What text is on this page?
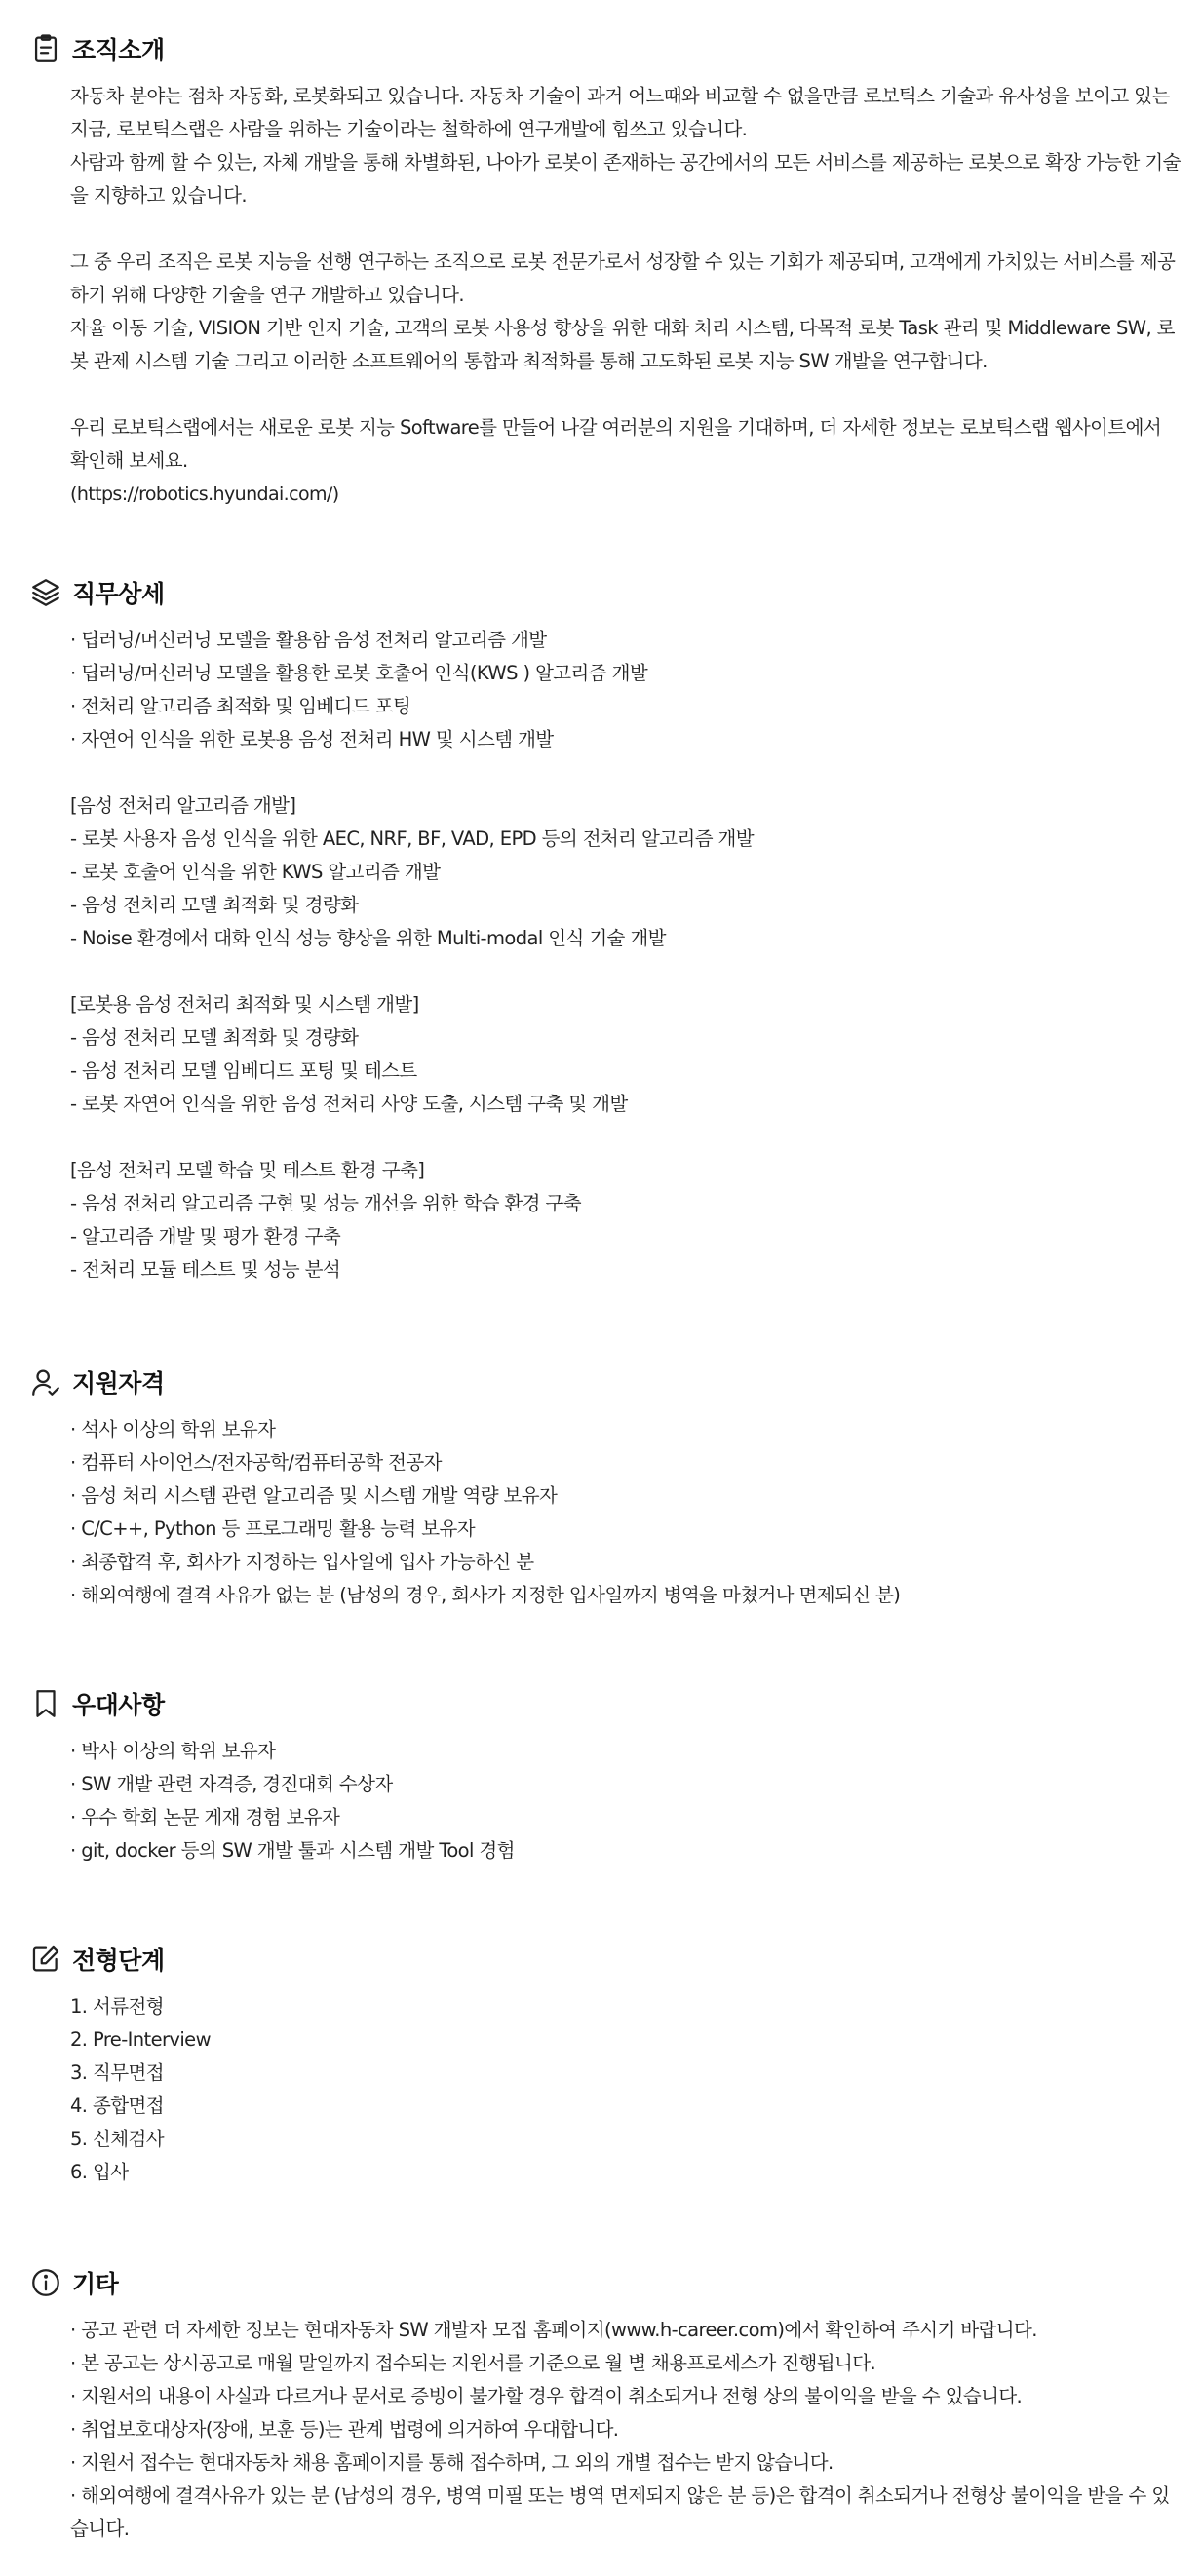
조직소개
자동차 분야는 점차 자동화, 로봇화되고 있습니다. 자동차 기술이 과거 어느때와 비교할 수 없을만큼 로보틱스 기술과 유사성을 보이고 있는 지금, 로보틱스랩은 사람을 위하는 기술이라는 철학하에 연구개발에 힘쓰고 있습니다.
사람과 함께 할 수 있는, 자체 개발을 통해 차별화된, 나아가 로봇이 존재하는 공간에서의 모든 서비스를 제공하는 로봇으로 확장 가능한 기술을 지향하고 있습니다.
그 중 우리 조직은 로봇 지능을 선행 연구하는 조직으로 로봇 전문가로서 성장할 수 있는 기회가 제공되며, 고객에게 가치있는 서비스를 제공하기 위해 다양한 기술을 연구 개발하고 있습니다.
자율 이동 기술, VISION 기반 인지 기술, 고객의 로봇 사용성 향상을 위한 대화 처리 시스템, 다목적 로봇 Task 관리 및 Middleware SW, 로봇 관제 시스템 기술 그리고 이러한 소프트웨어의 통합과 최적화를 통해 고도화된 로봇 지능 SW 개발을 연구합니다.
우리 로보틱스랩에서는 새로운 로봇 지능 Software를 만들어 나갈 여러분의 지원을 기대하며, 더 자세한 정보는 로보틱스랩 웹사이트에서 확인해 보세요.
(https://robotics.hyundai.com/)
직무상세
· 딥러닝/머신러닝 모델을 활용함 음성 전처리 알고리즘 개발
· 딥러닝/머신러닝 모델을 활용한 로봇 호출어 인식(KWS ) 알고리즘 개발
· 전처리 알고리즘 최적화 및 임베디드 포팅
· 자연어 인식을 위한 로봇용 음성 전처리 HW 및 시스템 개발
[음성 전처리 알고리즘 개발]
- 로봇 사용자 음성 인식을 위한 AEC, NRF, BF, VAD, EPD 등의 전처리 알고리즘 개발
- 로봇 호출어 인식을 위한 KWS 알고리즘 개발
- 음성 전처리 모델 최적화 및 경량화
- Noise 환경에서 대화 인식 성능 향상을 위한 Multi-modal 인식 기술 개발
[로봇용 음성 전처리 최적화 및 시스템 개발]
- 음성 전처리 모델 최적화 및 경량화
- 음성 전처리 모델 임베디드 포팅 및 테스트
- 로봇 자연어 인식을 위한 음성 전처리 사양 도출, 시스템 구축 및 개발
[음성 전처리 모델 학습 및 테스트 환경 구축]
- 음성 전처리 알고리즘 구현 및 성능 개선을 위한 학습 환경 구축
- 알고리즘 개발 및 평가 환경 구축
- 전처리 모듈 테스트 및 성능 분석
지원자격
· 석사 이상의 학위 보유자
· 컴퓨터 사이언스/전자공학/컴퓨터공학 전공자
· 음성 처리 시스템 관련 알고리즘 및 시스템 개발 역량 보유자
· C/C++, Python 등 프로그래밍 활용 능력 보유자
· 최종합격 후, 회사가 지정하는 입사일에 입사 가능하신 분
· 해외여행에 결격 사유가 없는 분 (남성의 경우, 회사가 지정한 입사일까지 병역을 마쳤거나 면제되신 분)
우대사항
· 박사 이상의 학위 보유자
· SW 개발 관련 자격증, 경진대회 수상자
· 우수 학회 논문 게재 경험 보유자
· git, docker 등의 SW 개발 툴과 시스템 개발 Tool 경험
전형단계
1. 서류전형
2. Pre-Interview
3. 직무면접
4. 종합면접
5. 신체검사
6. 입사
기타
· 공고 관련 더 자세한 정보는 현대자동차 SW 개발자 모집 홈페이지(www.h-career.com)에서 확인하여 주시기 바랍니다.
· 본 공고는 상시공고로 매월 말일까지 접수되는 지원서를 기준으로 월 별 채용프로세스가 진행됩니다.
· 지원서의 내용이 사실과 다르거나 문서로 증빙이 불가할 경우 합격이 취소되거나 전형 상의 불이익을 받을 수 있습니다.
· 취업보호대상자(장애, 보훈 등)는 관계 법령에 의거하여 우대합니다.
· 지원서 접수는 현대자동차 채용 홈페이지를 통해 접수하며, 그 외의 개별 접수는 받지 않습니다.
· 해외여행에 결격사유가 있는 분 (남성의 경우, 병역 미필 또는 병역 면제되지 않은 분 등)은 합격이 취소되거나 전형상 불이익을 받을 수 있습니다.
